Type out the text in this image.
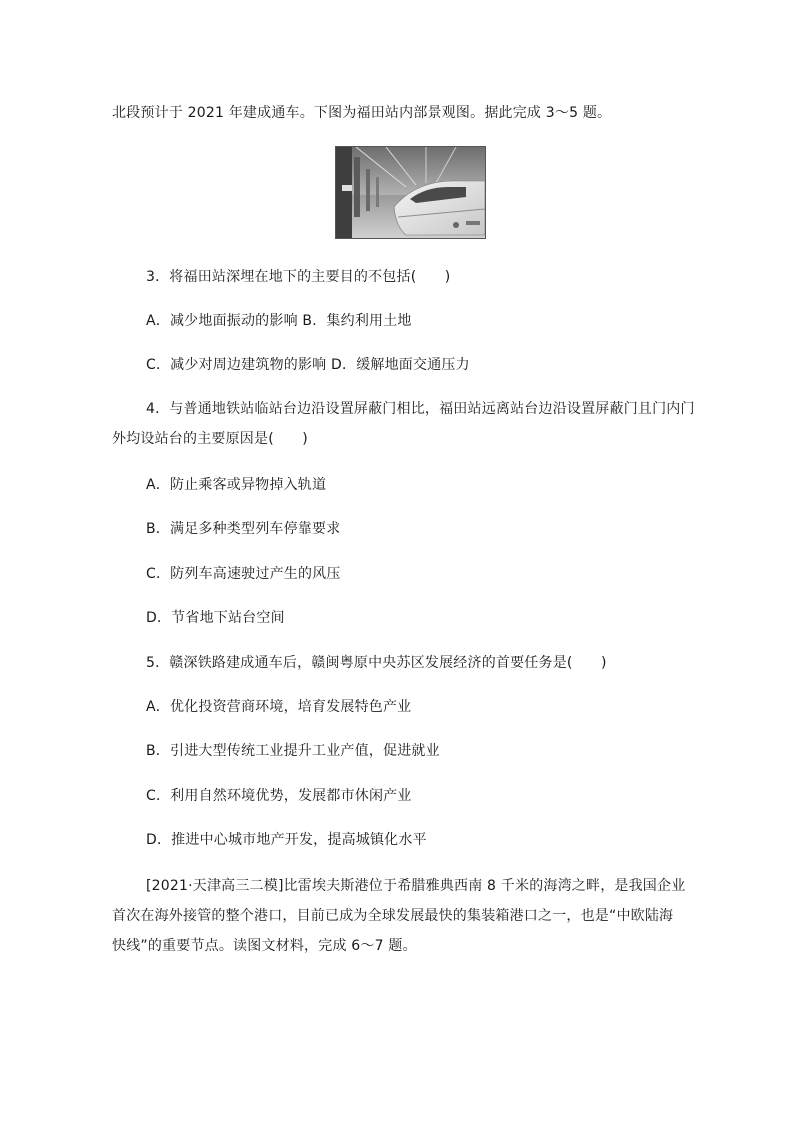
北段预计于 2021 年建成通车。下图为福田站内部景观图。据此完成 3～5 题。
3．将福田站深埋在地下的主要目的不包括(　　)
A．减少地面振动的影响 B．集约利用土地
C．减少对周边建筑物的影响 D．缓解地面交通压力
4．与普通地铁站临站台边沿设置屏蔽门相比，福田站远离站台边沿设置屏蔽门且门内门
外均设站台的主要原因是(　　)
A．防止乘客或异物掉入轨道
B．满足多种类型列车停靠要求
C．防列车高速驶过产生的风压
D．节省地下站台空间
5．赣深铁路建成通车后，赣闽粤原中央苏区发展经济的首要任务是(　　)
A．优化投资营商环境，培育发展特色产业
B．引进大型传统工业提升工业产值，促进就业
C．利用自然环境优势，发展都市休闲产业
D．推进中心城市地产开发，提高城镇化水平
[2021·天津高三二模]比雷埃夫斯港位于希腊雅典西南 8 千米的海湾之畔，是我国企业
首次在海外接管的整个港口，目前已成为全球发展最快的集装箱港口之一，也是“中欧陆海
快线”的重要节点。读图文材料，完成 6～7 题。
